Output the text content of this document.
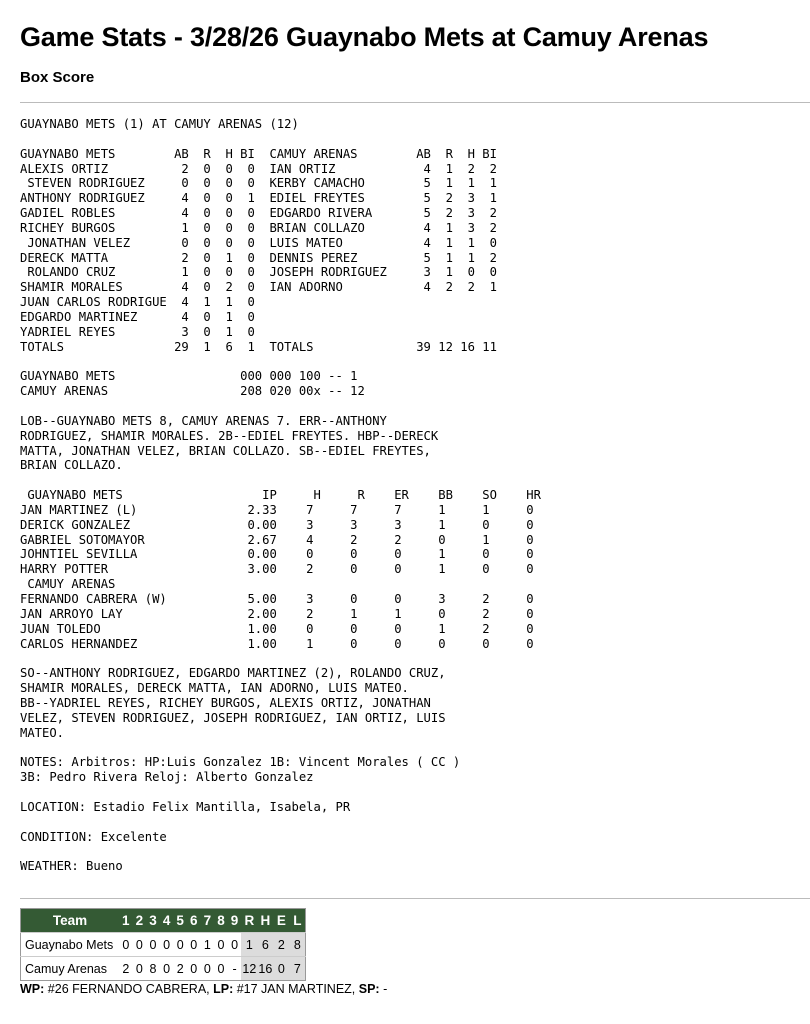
Game Stats - 3/28/26 Guaynabo Mets at Camuy Arenas
Box Score
GUAYNABO METS (1) AT CAMUY ARENAS (12)

GUAYNABO METS        AB  R  H BI  CAMUY ARENAS        AB  R  H BI
ALEXIS ORTIZ          2  0  0  0  IAN ORTIZ            4  1  2  2
STEVEN RODRIGUEZ     0  0  0  0  KERBY CAMACHO        5  1  1  1
ANTHONY RODRIGUEZ     4  0  0  1  EDIEL FREYTES        5  2  3  1
GADIEL ROBLES         4  0  0  0  EDGARDO RIVERA       5  2  3  2
RICHEY BURGOS         1  0  0  0  BRIAN COLLAZO        4  1  3  2
JONATHAN VELEZ       0  0  0  0  LUIS MATEO           4  1  1  0
DERECK MATTA          2  0  1  0  DENNIS PEREZ         5  1  1  2
ROLANDO CRUZ         1  0  0  0  JOSEPH RODRIGUEZ     3  1  0  0
SHAMIR MORALES        4  0  2  0  IAN ADORNO           4  2  2  1
JUAN CARLOS RODRIGUE  4  1  1  0
EDGARDO MARTINEZ      4  0  1  0
YADRIEL REYES         3  0  1  0
TOTALS               29  1  6  1  TOTALS              39 12 16 11

GUAYNABO METS                 000 000 100 -- 1
CAMUY ARENAS                  208 020 00x -- 12

LOB--GUAYNABO METS 8, CAMUY ARENAS 7. ERR--ANTHONY
RODRIGUEZ, SHAMIR MORALES. 2B--EDIEL FREYTES. HBP--DERECK
MATTA, JONATHAN VELEZ, BRIAN COLLAZO. SB--EDIEL FREYTES,
BRIAN COLLAZO.

GUAYNABO METS                   IP     H     R    ER    BB    SO    HR
JAN MARTINEZ (L)               2.33    7     7     7     1     1     0
DERICK GONZALEZ                0.00    3     3     3     1     0     0
GABRIEL SOTOMAYOR              2.67    4     2     2     0     1     0
JOHNTIEL SEVILLA               0.00    0     0     0     1     0     0
HARRY POTTER                   3.00    2     0     0     1     0     0
CAMUY ARENAS
FERNANDO CABRERA (W)           5.00    3     0     0     3     2     0
JAN ARROYO LAY                 2.00    2     1     1     0     2     0
JUAN TOLEDO                    1.00    0     0     0     1     2     0
CARLOS HERNANDEZ               1.00    1     0     0     0     0     0

SO--ANTHONY RODRIGUEZ, EDGARDO MARTINEZ (2), ROLANDO CRUZ,
SHAMIR MORALES, DERECK MATTA, IAN ADORNO, LUIS MATEO.
BB--YADRIEL REYES, RICHEY BURGOS, ALEXIS ORTIZ, JONATHAN
VELEZ, STEVEN RODRIGUEZ, JOSEPH RODRIGUEZ, IAN ORTIZ, LUIS
MATEO.

NOTES: Arbitros: HP:Luis Gonzalez 1B: Vincent Morales ( CC )
3B: Pedro Rivera Reloj: Alberto Gonzalez

LOCATION: Estadio Felix Mantilla, Isabela, PR

CONDITION: Excelente

WEATHER: Bueno
Team	1	2	3	4	5	6	7	8	9	R	H	E	L
Guaynabo Mets	0	0	0	0	0	0	1	0	0	1	6	2	8
Camuy Arenas	2	0	8	0	2	0	0	0	-	12	16	0	7
WP: #26 FERNANDO CABRERA, LP: #17 JAN MARTINEZ, SP: -
